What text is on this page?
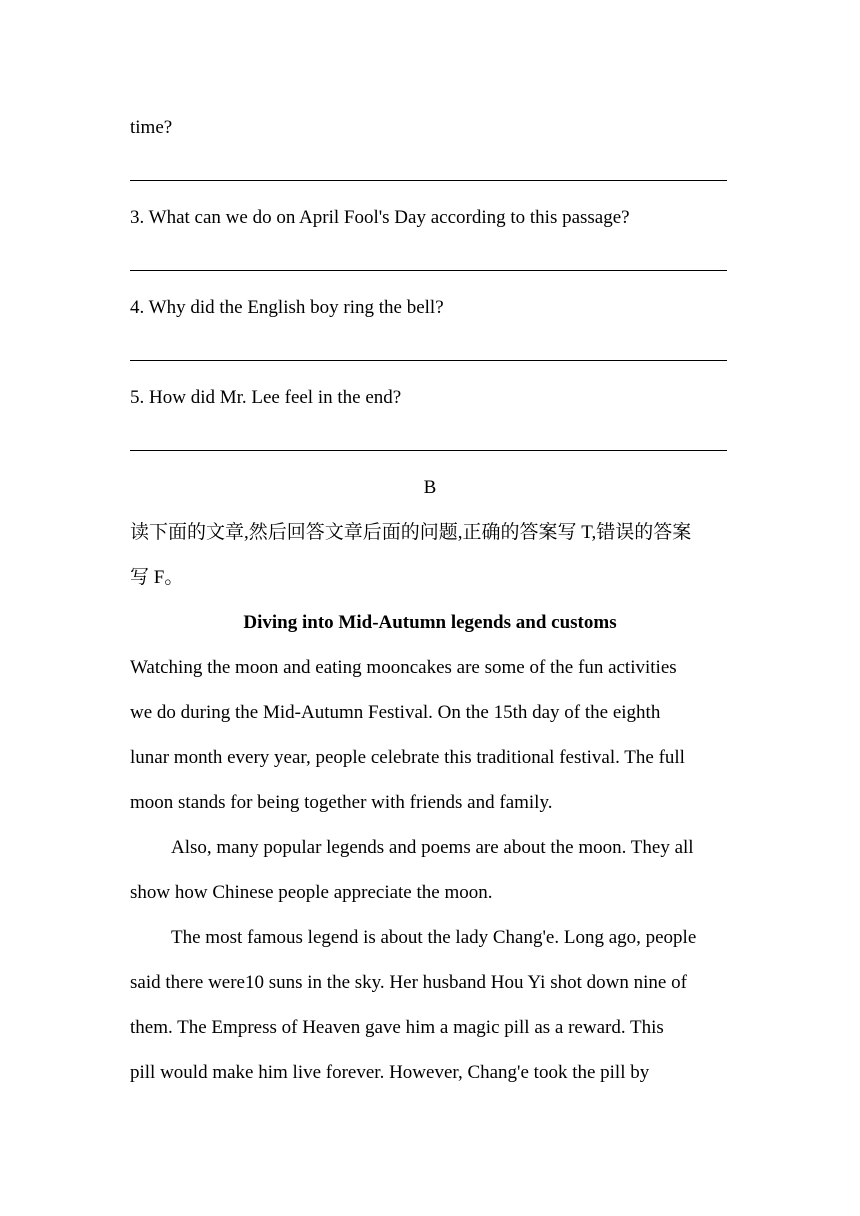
time?
3. What can we do on April Fool's Day according to this passage?
4. Why did the English boy ring the bell?
5. How did Mr. Lee feel in the end?
B
读下面的文章,然后回答文章后面的问题,正确的答案写 T,错误的答案
写 F。
Diving into Mid-Autumn legends and customs
Watching the moon and eating mooncakes are some of the fun activities
we do during the Mid-Autumn Festival. On the 15th day of the eighth
lunar month every year, people celebrate this traditional festival. The full
moon stands for being together with friends and family.
Also, many popular legends and poems are about the moon. They all
show how Chinese people appreciate the moon.
The most famous legend is about the lady Chang'e. Long ago, people
said there were10 suns in the sky. Her husband Hou Yi shot down nine of
them. The Empress of Heaven gave him a magic pill as a reward. This
pill would make him live forever. However, Chang'e took the pill by
